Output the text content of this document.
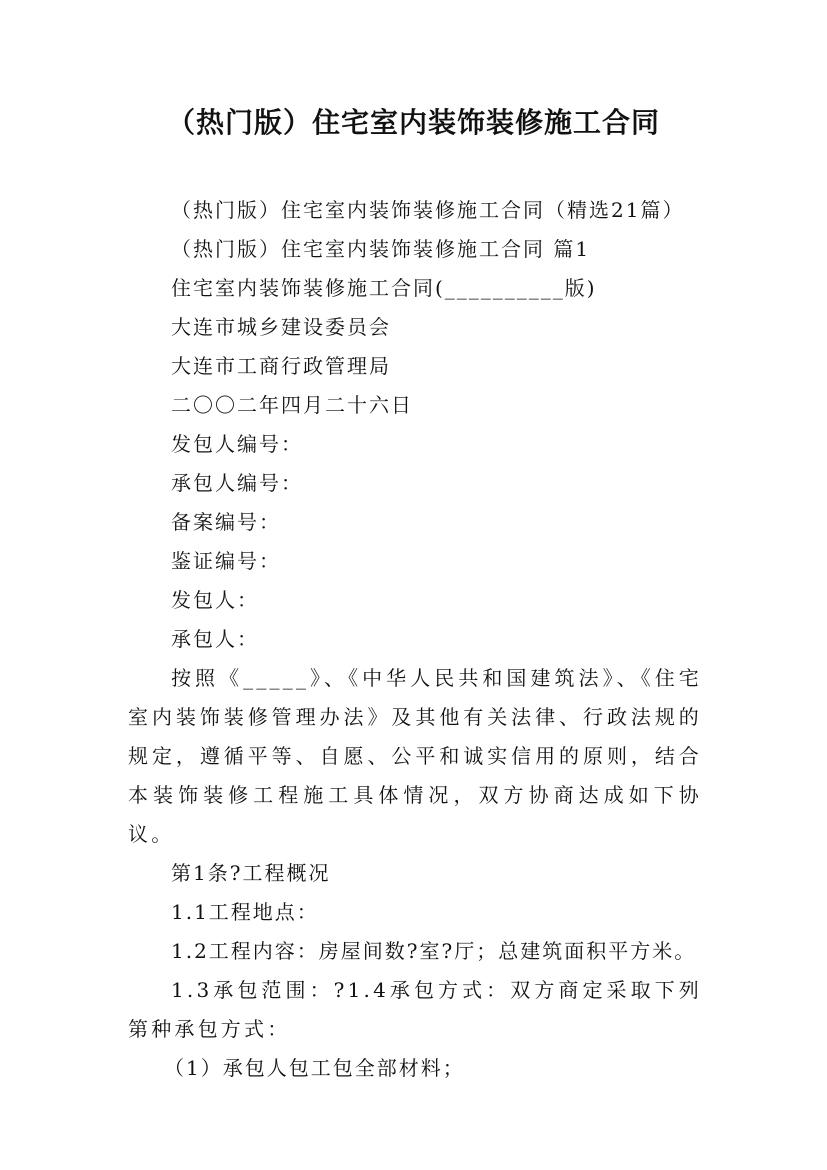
（热门版）住宅室内装饰装修施工合同

（热门版）住宅室内装饰装修施工合同（精选21篇）

（热门版）住宅室内装饰装修施工合同 篇1

住宅室内装饰装修施工合同(__________版)

大连市城乡建设委员会

大连市工商行政管理局

二〇〇二年四月二十六日

发包人编号：

承包人编号：

备案编号：

鉴证编号：

发包人：

承包人：

按照《_____》、《中华人民共和国建筑法》、《住宅室内装饰装修管理办法》及其他有关法律、行政法规的规定，遵循平等、自愿、公平和诚实信用的原则，结合本装饰装修工程施工具体情况，双方协商达成如下协议。

第1条?工程概况

1.1工程地点：

1.2工程内容：房屋间数?室?厅；总建筑面积平方米。

1.3承包范围：?1.4承包方式：双方商定采取下列第种承包方式：

（1）承包人包工包全部材料；
